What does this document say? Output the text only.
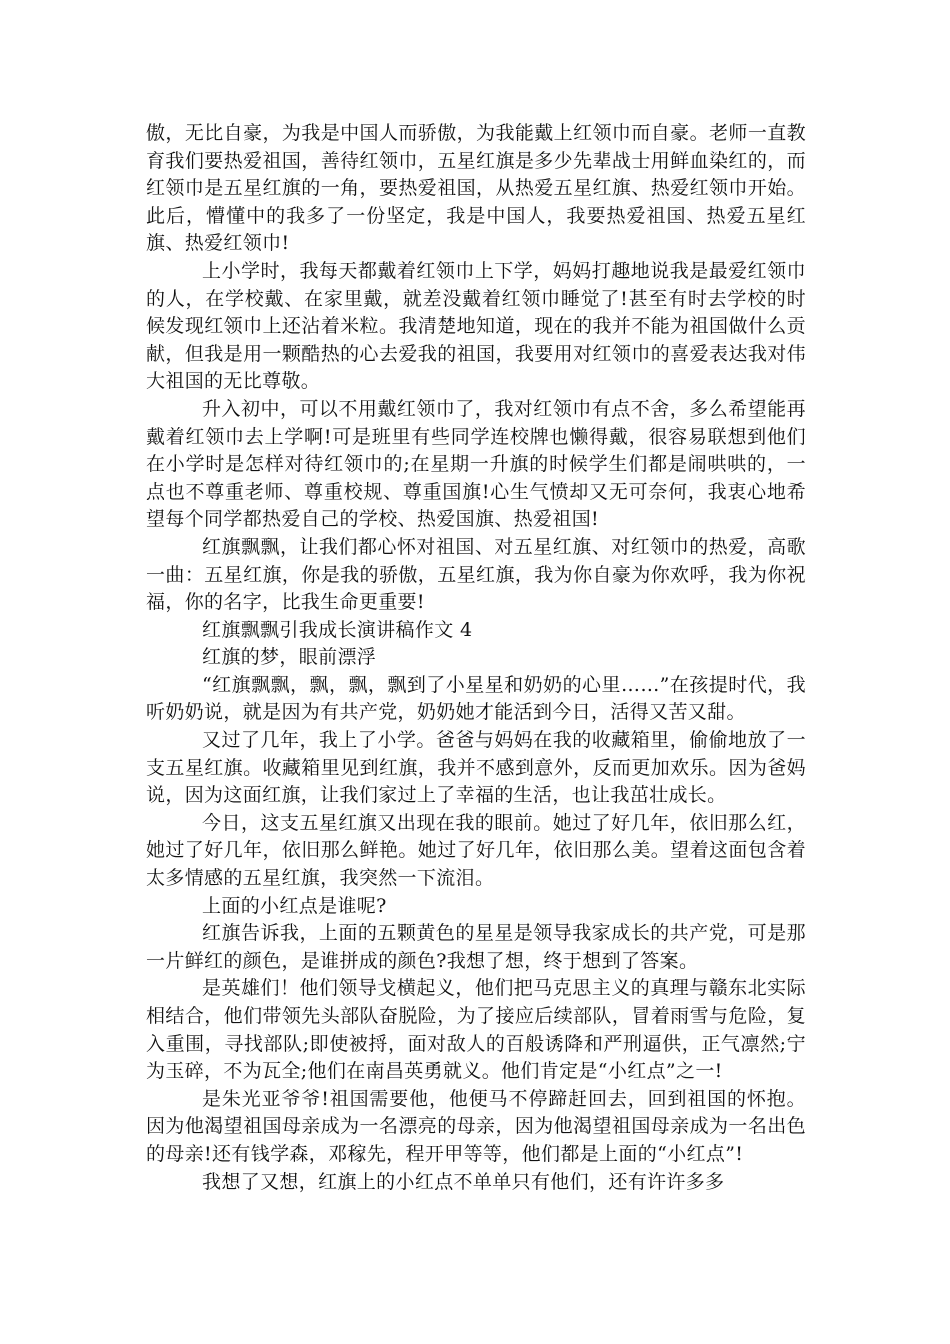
傲，无比自豪，为我是中国人而骄傲，为我能戴上红领巾而自豪。老师一直教育我们要热爱祖国，善待红领巾，五星红旗是多少先辈战士用鲜血染红的，而红领巾是五星红旗的一角，要热爱祖国，从热爱五星红旗、热爱红领巾开始。此后，懵懂中的我多了一份坚定，我是中国人，我要热爱祖国、热爱五星红旗、热爱红领巾!

上小学时，我每天都戴着红领巾上下学，妈妈打趣地说我是最爱红领巾的人，在学校戴、在家里戴，就差没戴着红领巾睡觉了!甚至有时去学校的时候发现红领巾上还沾着米粒。我清楚地知道，现在的我并不能为祖国做什么贡献，但我是用一颗酷热的心去爱我的祖国，我要用对红领巾的喜爱表达我对伟大祖国的无比尊敬。

升入初中，可以不用戴红领巾了，我对红领巾有点不舍，多么希望能再戴着红领巾去上学啊!可是班里有些同学连校牌也懒得戴，很容易联想到他们在小学时是怎样对待红领巾的;在星期一升旗的时候学生们都是闹哄哄的，一点也不尊重老师、尊重校规、尊重国旗!心生气愤却又无可奈何，我衷心地希望每个同学都热爱自己的学校、热爱国旗、热爱祖国!

红旗飘飘，让我们都心怀对祖国、对五星红旗、对红领巾的热爱，高歌一曲：五星红旗，你是我的骄傲，五星红旗，我为你自豪为你欢呼，我为你祝福，你的名字，比我生命更重要!

红旗飘飘引我成长演讲稿作文 4

红旗的梦，眼前漂浮

“红旗飘飘，飘，飘，飘到了小星星和奶奶的心里……”在孩提时代，我听奶奶说，就是因为有共产党，奶奶她才能活到今日，活得又苦又甜。

又过了几年，我上了小学。爸爸与妈妈在我的收藏箱里，偷偷地放了一支五星红旗。收藏箱里见到红旗，我并不感到意外，反而更加欢乐。因为爸妈说，因为这面红旗，让我们家过上了幸福的生活，也让我茁壮成长。

今日，这支五星红旗又出现在我的眼前。她过了好几年，依旧那么红，她过了好几年，依旧那么鲜艳。她过了好几年，依旧那么美。望着这面包含着太多情感的五星红旗，我突然一下流泪。

上面的小红点是谁呢?

红旗告诉我，上面的五颗黄色的星星是领导我家成长的共产党，可是那一片鲜红的颜色，是谁拼成的颜色?我想了想，终于想到了答案。

是英雄们！他们领导戈横起义，他们把马克思主义的真理与赣东北实际相结合，他们带领先头部队奋脱险，为了接应后续部队，冒着雨雪与危险，复入重围，寻找部队;即使被捋，面对敌人的百般诱降和严刑逼供，正气凛然;宁为玉碎，不为瓦全;他们在南昌英勇就义。他们肯定是“小红点”之一!

是朱光亚爷爷!祖国需要他，他便马不停蹄赶回去，回到祖国的怀抱。因为他渴望祖国母亲成为一名漂亮的母亲，因为他渴望祖国母亲成为一名出色的母亲!还有钱学森，邓稼先，程开甲等等，他们都是上面的“小红点”!

我想了又想，红旗上的小红点不单单只有他们，还有许许多多
